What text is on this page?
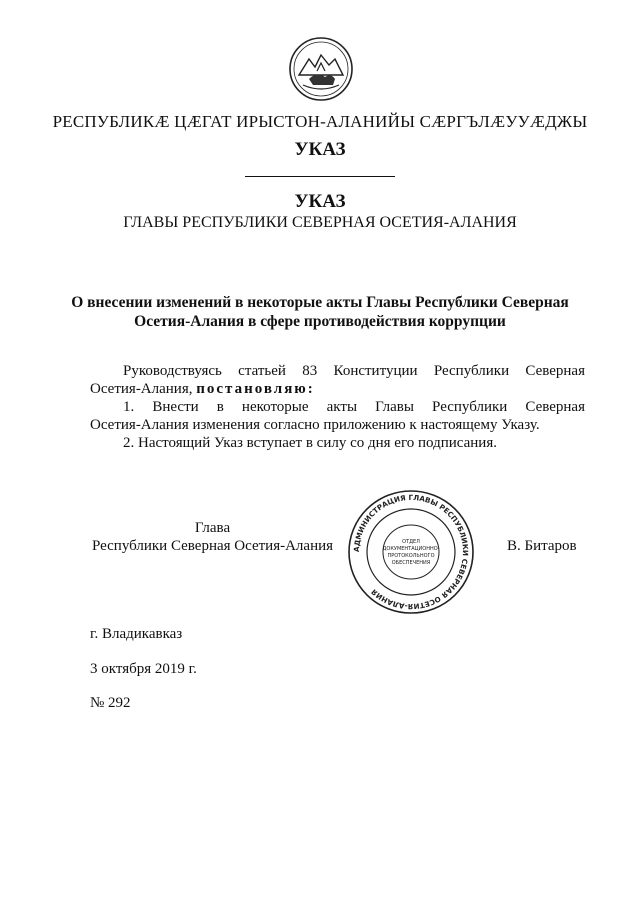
РЕСПУБЛИКӔ ЦӔГАТ ИРЫСТОН-АЛАНИЙЫ СӔРГЪЛӔУУӔДЖЫ
УКАЗ
УКАЗ
ГЛАВЫ РЕСПУБЛИКИ СЕВЕРНАЯ ОСЕТИЯ-АЛАНИЯ
О внесении изменений в некоторые акты Главы Республики Северная
Осетия-Алания в сфере противодействия коррупции
Руководствуясь статьей 83 Конституции Республики Северная
Осетия-Алания, постановляю:
1. Внести в некоторые акты Главы Республики Северная
Осетия-Алания изменения согласно приложению к настоящему Указу.
2. Настоящий Указ вступает в силу со дня его подписания.
Глава
Республики Северная Осетия-Алания	АДМИНИСТРАЦИЯ ГЛАВЫ РЕСПУБЛИКИ СЕВЕРНАЯ ОСЕТИЯ-АЛАНИЯ
ОТДЕЛ
ДОКУМЕНТАЦИОННО-
ПРОТОКОЛЬНОГО
ОБЕСПЕЧЕНИЯ
В. Битаров
г. Владикавказ
3 октября 2019 г.
№ 292
